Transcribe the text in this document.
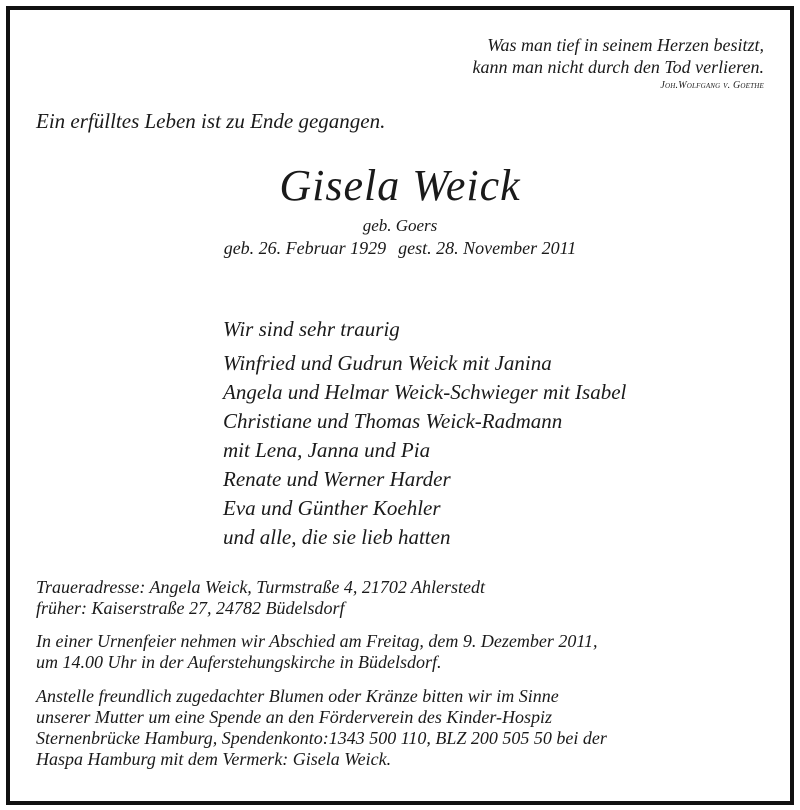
Was man tief in seinem Herzen besitzt,
kann man nicht durch den Tod verlieren.
Joh.Wolfgang v. Goethe
Ein erfülltes Leben ist zu Ende gegangen.
Gisela Weick
geb. Goers
geb. 26. Februar 1929 gest. 28. November 2011
Wir sind sehr traurig
Winfried und Gudrun Weick mit Janina
Angela und Helmar Weick-Schwieger mit Isabel
Christiane und Thomas Weick-Radmann
mit Lena, Janna und Pia
Renate und Werner Harder
Eva und Günther Koehler
und alle, die sie lieb hatten
Traueradresse: Angela Weick, Turmstraße 4, 21702 Ahlerstedt
früher: Kaiserstraße 27, 24782 Büdelsdorf
In einer Urnenfeier nehmen wir Abschied am Freitag, dem 9. Dezember 2011,
um 14.00 Uhr in der Auferstehungskirche in Büdelsdorf.
Anstelle freundlich zugedachter Blumen oder Kränze bitten wir im Sinne
unserer Mutter um eine Spende an den Förderverein des Kinder-Hospiz
Sternenbrücke Hamburg, Spendenkonto:1343 500 110, BLZ 200 505 50 bei der
Haspa Hamburg mit dem Vermerk: Gisela Weick.
